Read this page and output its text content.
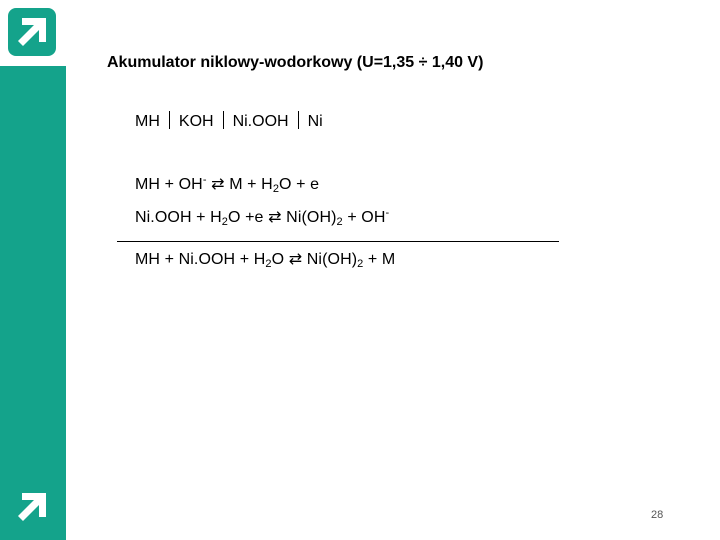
Akumulator niklowy-wodorkowy (U=1,35 ÷ 1,40 V)
MH KOH Ni.OOH Ni
MH + OH- ⇄ $M + H_2O + e$
$Ni.OOH + H_2O +e$ ⇄ $Ni(OH)_2 + OH^-$
MH + $Ni.OOH + H_2O$ ⇄ $Ni(OH)_2 + M$
28
